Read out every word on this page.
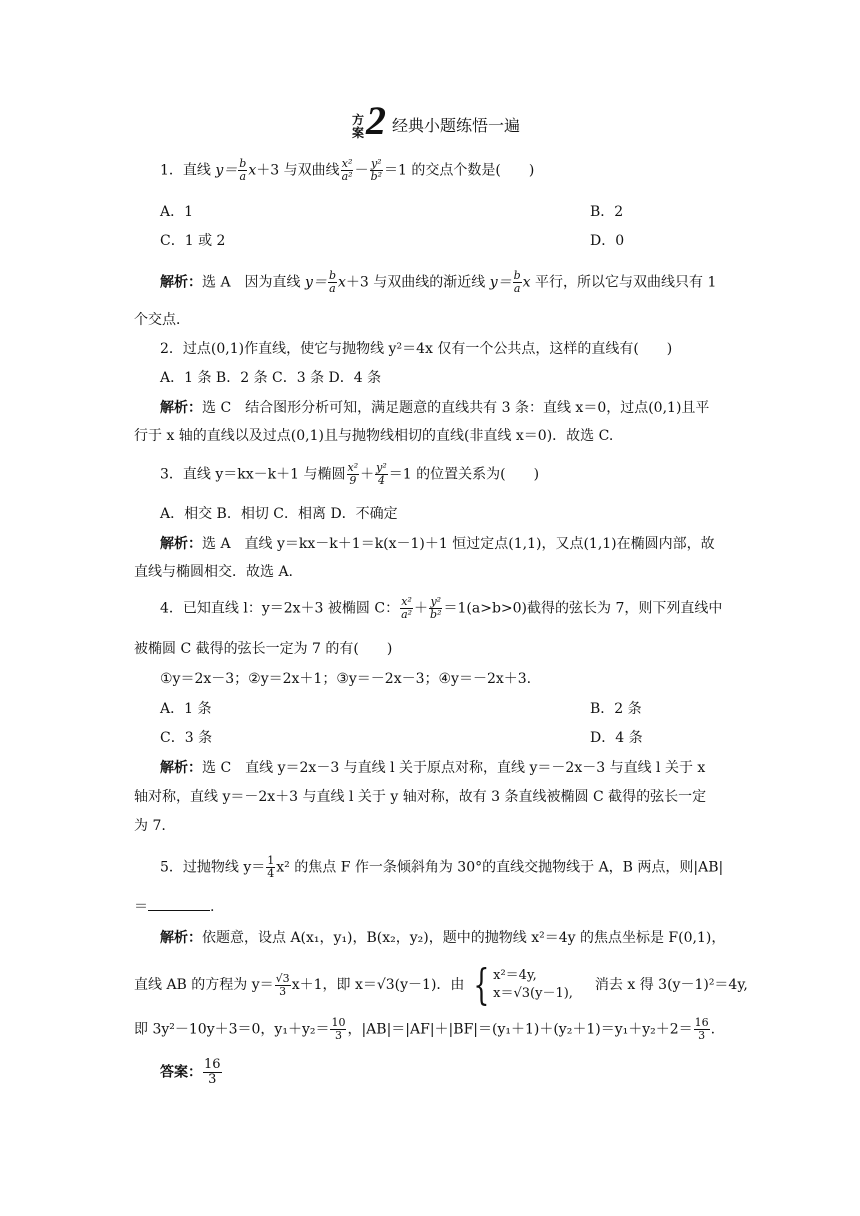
方
案 2 经典小题练悟一遍
1．直线 $y= \frac{b}{a} x+3$ 与双曲线 $\frac{\text{x²}}{\text{a²}} - \frac{\text{y²}}{\text{b²}} =1$ 的交点个数是(　　)
A．1	B．2
C．1 或 2	D．0
解析：选 A　因为直线 $y= \frac{b}{a} x+3$ 与双曲线的渐近线 $y= \frac{b}{a}$ x 平行，所以它与双曲线只有 1
个交点．
2．过点(0,1)作直线，使它与抛物线 y²＝4x 仅有一个公共点，这样的直线有(　　)
A．1 条 B．2 条 C．3 条 D．4 条
解析：选 C　结合图形分析可知，满足题意的直线共有 3 条：直线 x＝0，过点(0,1)且平
行于 x 轴的直线以及过点(0,1)且与抛物线相切的直线(非直线 x＝0)．故选 C.
3．直线 y＝kx－k＋1 与椭圆 $\frac{\text{x²}}{9} + \frac{\text{y²}}{4} =1$ 的位置关系为(　　)
A．相交 B．相切 C．相离 D．不确定
解析：选 A　直线 y＝kx－k＋1＝k(x－1)＋1 恒过定点(1,1)，又点(1,1)在椭圆内部，故
直线与椭圆相交．故选 A.
4．已知直线 l：y＝2x＋3 被椭圆 C： $\frac{\text{x²}}{\text{a²}} + \frac{\text{y²}}{\text{b²}} =1(a>b>0)$截得的弦长为 7，则下列直线中
被椭圆 C 截得的弦长一定为 7 的有(　　)
①y＝2x－3；②y＝2x＋1；③y＝－2x－3；④y＝－2x＋3.
A．1 条	B．2 条
C．3 条	D．4 条
解析：选 C　直线 y＝2x－3 与直线 l 关于原点对称，直线 y＝－2x－3 与直线 l 关于 x
轴对称，直线 y＝－2x＋3 与直线 l 关于 y 轴对称，故有 3 条直线被椭圆 C 截得的弦长一定
为 7.
5．过抛物线 $y= \frac{1}{4} x^2$ 的焦点 F 作一条倾斜角为 30°的直线交抛物线于 A，B 两点，则|AB|
＝	.
解析：依题意，设点 A(x₁，y₁)，B(x₂，y₂)，题中的抛物线 x²＝4y 的焦点坐标是 F(0,1)，
直线 AB 的方程为 $y= \frac{√3}{3} x+1$，即 x＝√3(y－1)．由 { x²＝4y,
x＝√3(y－1),
消去 x 得 3(y－1)²＝4y,
即 3y²－10y＋3＝0，$y_1+y_2= \frac{10}{3}$ ，$|AB|=|AF|+|BF|=(y_1+1)+(y_2+1)=y_1+y_2+2= \frac{16}{3}$ .
答案： $\frac{16}{3}$
